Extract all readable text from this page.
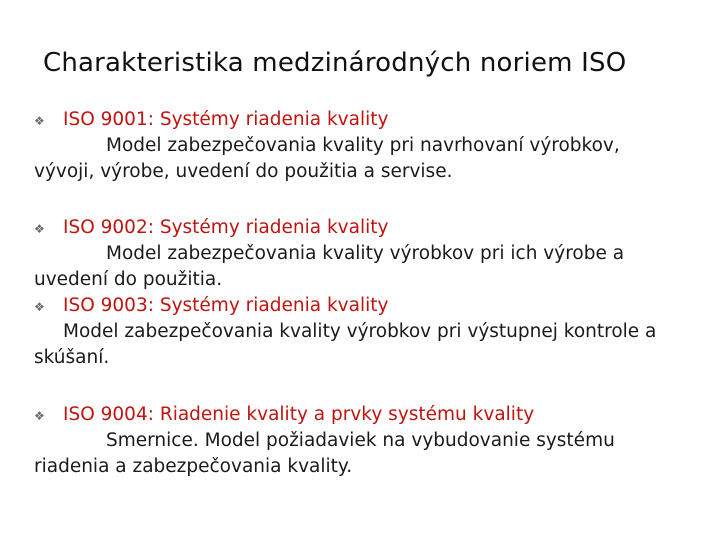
Charakteristika medzinárodných noriem ISO
❖ ISO 9001: Systémy riadenia kvality
Model zabezpečovania kvality pri navrhovaní výrobkov,
vývoji, výrobe, uvedení do použitia a servise.
❖ ISO 9002: Systémy riadenia kvality
Model zabezpečovania kvality výrobkov pri ich výrobe a
uvedení do použitia.
❖ ISO 9003: Systémy riadenia kvality
Model zabezpečovania kvality výrobkov pri výstupnej kontrole a
skúšaní.
❖ ISO 9004: Riadenie kvality a prvky systému kvality
Smernice. Model požiadaviek na vybudovanie systému
riadenia a zabezpečovania kvality.
